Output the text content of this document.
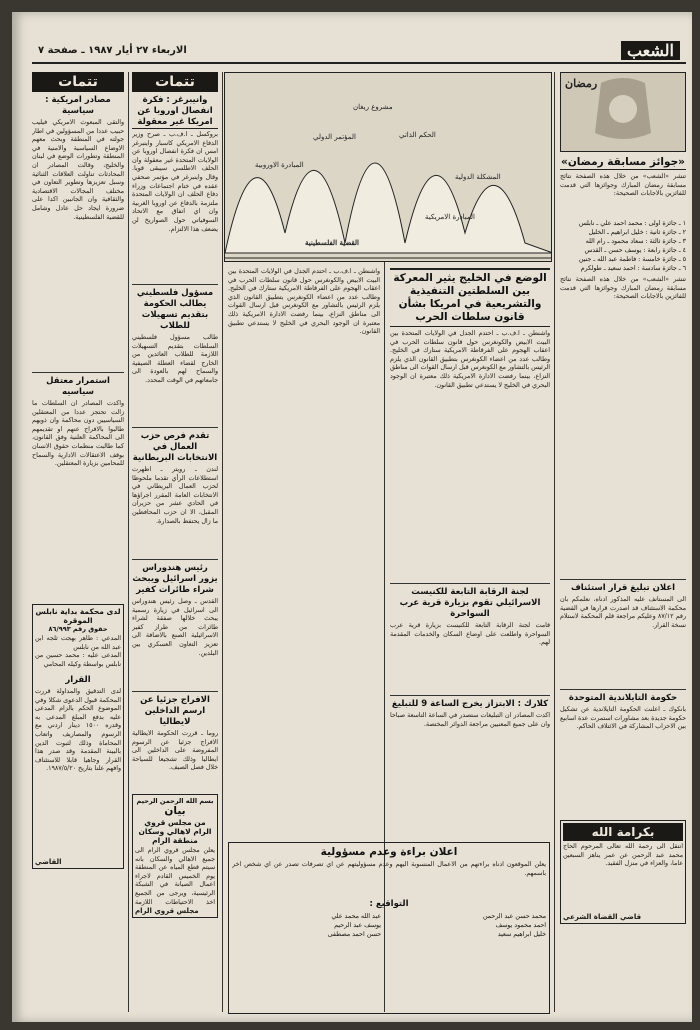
الشعب
الاربعاء ٢٧ أيار ١٩٨٧ ـ صفحة ٧
رمضان
«جوائز مسابقة رمضان»
تنشر «الشعب» من خلال هذه الصفحة نتائج مسابقة رمضان المبارك وجوائزها التي قدمت للفائزين بالاجابات الصحيحة:
١ ـ جائزة اولى : محمد احمد علي ـ نابلس
٢ ـ جائزة ثانية : خليل ابراهيم ـ الخليل
٣ ـ جائزة ثالثة : سعاد محمود ـ رام الله
٤ ـ جائزة رابعة : يوسف حسن ـ القدس
٥ ـ جائزة خامسة : فاطمة عبد الله ـ جنين
٦ ـ جائزة سادسة : احمد سعيد ـ طولكرم
تنشر «الشعب» من خلال هذه الصفحة نتائج مسابقة رمضان المبارك وجوائزها التي قدمت للفائزين بالاجابات الصحيحة:
اعلان تبليغ قرار استئناف
الى المستأنف عليه المذكور ادناه، نعلمكم بان محكمة الاستئناف قد اصدرت قرارها في القضية رقم ٨٧/١٢ وعليكم مراجعة قلم المحكمة لاستلام نسخة القرار.
حكومة التايلاندية المتوحدة
بانكوك ـ اعلنت الحكومة التايلاندية عن تشكيل حكومة جديدة بعد مشاورات استمرت عدة اسابيع بين الاحزاب المشاركة في الائتلاف الحاكم.
بكرامة الله
انتقل الى رحمة الله تعالى المرحوم الحاج محمد عبد الرحمن عن عمر يناهز السبعين عاما، والعزاء في منزل الفقيد.
قاضي القضاة الشرعي
مشروع ريغان
المؤتمر الدولي	الحكم الذاتي
المبادرة الاوروبية
المشكلة الدولية
المبادرة الامريكية
القضية الفلسطينية
الوضع في الخليج يثير المعركة بين السلطتين التنفيذية والتشريعية في امريكا بشأن قانون سلطات الحرب
واشنطن ـ ا.ف.ب ـ احتدم الجدل في الولايات المتحدة بين البيت الابيض والكونغرس حول قانون سلطات الحرب في اعقاب الهجوم على الفرقاطة الامريكية ستارك في الخليج. وطالب عدد من اعضاء الكونغرس بتطبيق القانون الذي يلزم الرئيس بالتشاور مع الكونغرس قبل ارسال القوات الى مناطق النزاع، بينما رفضت الادارة الامريكية ذلك معتبرة ان الوجود البحري في الخليج لا يستدعي تطبيق القانون.
لجنة الرقابة التابعة للكنيست الاسرائيلي تقوم بزيارة قرية عرب السواحرة
قامت لجنة الرقابة التابعة للكنيست بزيارة قرية عرب السواحرة واطلعت على اوضاع السكان والخدمات المقدمة لهم.
كلارك : الابتزاز يخرج الساعة 9 للتبليغ
اكدت المصادر ان التبليغات ستصدر في الساعة التاسعة صباحا وان على جميع المعنيين مراجعة الدوائر المختصة.
واشنطن ـ ا.ف.ب ـ احتدم الجدل في الولايات المتحدة بين البيت الابيض والكونغرس حول قانون سلطات الحرب في اعقاب الهجوم على الفرقاطة الامريكية ستارك في الخليج. وطالب عدد من اعضاء الكونغرس بتطبيق القانون الذي يلزم الرئيس بالتشاور مع الكونغرس قبل ارسال القوات الى مناطق النزاع، بينما رفضت الادارة الامريكية ذلك معتبرة ان الوجود البحري في الخليج لا يستدعي تطبيق القانون.
اعلان براءة وعدم مسؤولية
يعلن الموقعون ادناه براءتهم من الاعمال المنسوبة اليهم وعدم مسؤوليتهم عن اي تصرفات تصدر عن اي شخص آخر باسمهم.
التواقيع :
محمد حسن عبد الرحمن
احمد محمود يوسف
خليل ابراهيم سعيد
عبد الله محمد علي
يوسف عبد الرحيم
حسن احمد مصطفى
تتمات
وانيبرغر : فكرة انفصال اوروبا عن امريكا غير معقولة
بروكسل ـ ا.ف.ب ـ صرح وزير الدفاع الامريكي كاسبار واينبرغر امس ان فكرة انفصال اوروبا عن الولايات المتحدة غير معقولة وان الحلف الاطلسي سيبقى قويا. وقال واينبرغر في مؤتمر صحفي عقده في ختام اجتماعات وزراء دفاع الحلف ان الولايات المتحدة ملتزمة بالدفاع عن اوروبا الغربية وان اي اتفاق مع الاتحاد السوفياتي حول الصواريخ لن يضعف هذا الالتزام.
مسؤول فلسطيني يطالب الحكومة بتقديم تسهيلات للطلاب
طالب مسؤول فلسطيني السلطات بتقديم التسهيلات اللازمة للطلاب العائدين من الخارج لقضاء العطلة الصيفية والسماح لهم بالعودة الى جامعاتهم في الوقت المحدد.
تقدم فرص حزب العمال في الانتخابات البريطانية
لندن ـ رويتر ـ اظهرت استطلاعات الرأي تقدما ملحوظا لحزب العمال البريطاني في الانتخابات العامة المقرر اجراؤها في الحادي عشر من حزيران المقبل، الا ان حزب المحافظين ما زال يحتفظ بالصدارة.
رئيس هندوراس يزور اسرائيل ويبحث شراء طائرات كفير
القدس ـ وصل رئيس هندوراس الى اسرائيل في زيارة رسمية يبحث خلالها صفقة لشراء طائرات من طراز كفير الاسرائيلية الصنع بالاضافة الى تعزيز التعاون العسكري بين البلدين.
الافراج جزئيا عن ارسم الداخلين لايطاليا
روما ـ قررت الحكومة الايطالية الافراج جزئيا عن الرسوم المفروضة على الداخلين الى ايطاليا وذلك تشجيعا للسياحة خلال فصل الصيف.
بسم الله الرحمن الرحيم
بيان
من مجلس قروي الرام لاهالي وسكان منطقة الرام
يعلن مجلس قروي الرام الى جميع الاهالي والسكان بانه سيتم قطع المياه عن المنطقة يوم الخميس القادم لاجراء اعمال الصيانة في الشبكة الرئيسية، ويرجى من الجميع اخذ الاحتياطات اللازمة
مجلس قروي الرام
تتمات
مصادر امريكية : سياسية
والتقى المبعوث الامريكي فيليب حبيب عددا من المسؤولين في اطار جولته في المنطقة وبحث معهم الاوضاع السياسية والامنية في المنطقة وتطورات الوضع في لبنان والخليج، وقالت المصادر ان المحادثات تناولت العلاقات الثنائية وسبل تعزيزها وتطوير التعاون في مختلف المجالات الاقتصادية والثقافية وان الجانبين اكدا على ضرورة ايجاد حل عادل وشامل للقضية الفلسطينية.
استمرار معتقل سياسيه
واكدت المصادر ان السلطات ما زالت تحتجز عددا من المعتقلين السياسيين دون محاكمة وان ذويهم طالبوا بالافراج عنهم او تقديمهم الى المحاكمة العلنية وفق القانون، كما طالبت منظمات حقوق الانسان بوقف الاعتقالات الادارية والسماح للمحامين بزيارة المعتقلين.
لدى محكمة بداية نابلس الموقرة
حقوق رقم ٨٦/٩٩٣
المدعي : طاهر بهجت ثلجه ابن عبد الله من نابلس
المدعى عليه : محمد حسين من نابلس بواسطة وكيله المحامي
القرار
لدى التدقيق والمداولة قررت المحكمة قبول الدعوى شكلا وفي الموضوع الحكم بالزام المدعى عليه بدفع المبلغ المدعى به وقدره ١٥٠٠ دينار اردني مع الرسوم والمصاريف واتعاب المحاماة وذلك لثبوت الدين بالبينة المقدمة وقد صدر هذا القرار وجاهيا قابلا للاستئناف وافهم علنا بتاريخ ١٩٨٧/٥/٢٠.
القاضي
